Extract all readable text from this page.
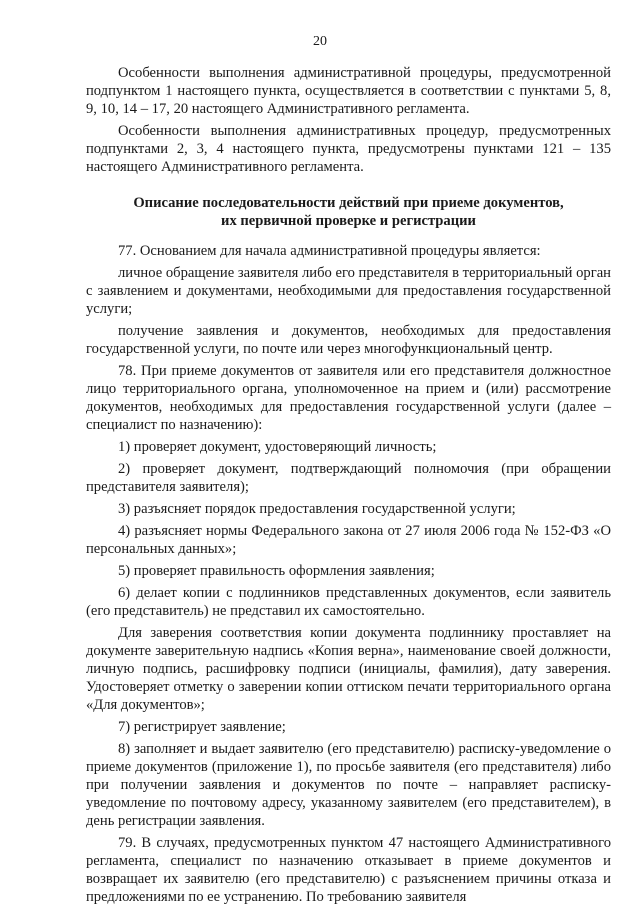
20

Особенности выполнения административной процедуры, предусмотренной подпунктом 1 настоящего пункта, осуществляется в соответствии с пунктами 5, 8, 9, 10, 14 – 17, 20 настоящего Административного регламента.

Особенности выполнения административных процедур, предусмотренных подпунктами 2, 3, 4 настоящего пункта, предусмотрены пунктами 121 – 135 настоящего Административного регламента.

Описание последовательности действий при приеме документов,
их первичной проверке и регистрации

77. Основанием для начала административной процедуры является:

личное обращение заявителя либо его представителя в территориальный орган с заявлением и документами, необходимыми для предоставления государственной услуги;

получение заявления и документов, необходимых для предоставления государственной услуги, по почте или через многофункциональный центр.

78. При приеме документов от заявителя или его представителя должностное лицо территориального органа, уполномоченное на прием и (или) рассмотрение документов, необходимых для предоставления государственной услуги (далее – специалист по назначению):

1) проверяет документ, удостоверяющий личность;

2) проверяет документ, подтверждающий полномочия (при обращении представителя заявителя);

3) разъясняет порядок предоставления государственной услуги;

4) разъясняет нормы Федерального закона от 27 июля 2006 года № 152-ФЗ «О персональных данных»;

5) проверяет правильность оформления заявления;

6) делает копии с подлинников представленных документов, если заявитель (его представитель) не представил их самостоятельно.

Для заверения соответствия копии документа подлиннику проставляет на документе заверительную надпись «Копия верна», наименование своей должности, личную подпись, расшифровку подписи (инициалы, фамилия), дату заверения. Удостоверяет отметку о заверении копии оттиском печати территориального органа «Для документов»;

7) регистрирует заявление;

8) заполняет и выдает заявителю (его представителю) расписку-уведомление о приеме документов (приложение 1), по просьбе заявителя (его представителя) либо при получении заявления и документов по почте – направляет расписку-уведомление по почтовому адресу, указанному заявителем (его представителем), в день регистрации заявления.

79. В случаях, предусмотренных пунктом 47 настоящего Административного регламента, специалист по назначению отказывает в приеме документов и возвращает их заявителю (его представителю) с разъяснением причины отказа и предложениями по ее устранению. По требованию заявителя
